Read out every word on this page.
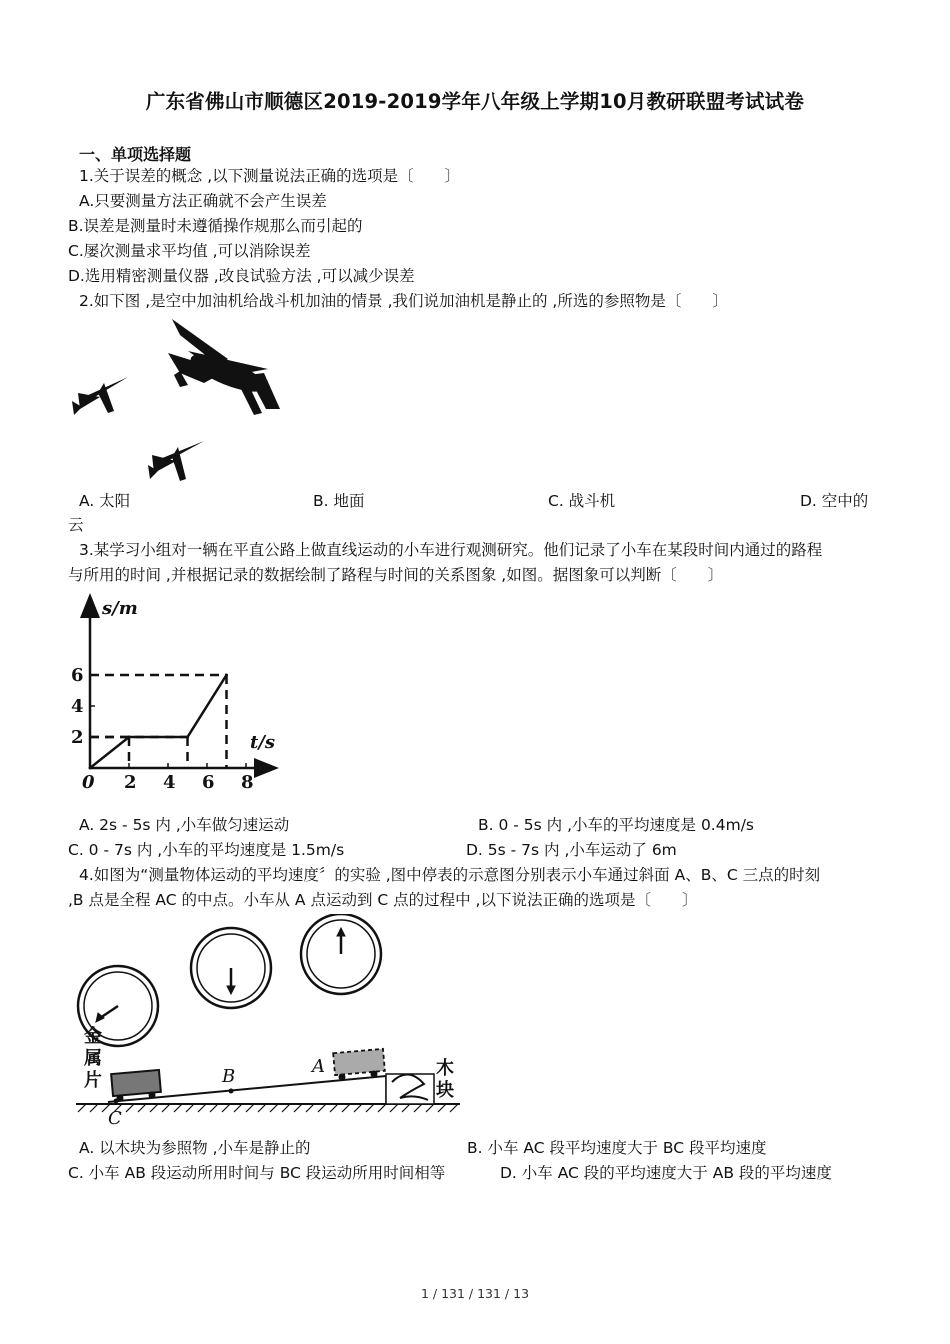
广东省佛山市顺德区2019-2019学年八年级上学期10月教研联盟考试试卷
一、单项选择题
1.关于误差的概念 ,以下测量说法正确的选项是〔　　〕
A.只要测量方法正确就不会产生误差
B.误差是测量时未遵循操作规那么而引起的
C.屡次测量求平均值 ,可以消除误差
D.选用精密测量仪器 ,改良试验方法 ,可以减少误差
2.如下图 ,是空中加油机给战斗机加油的情景 ,我们说加油机是静止的 ,所选的参照物是〔　　〕
A. 太阳	B. 地面	C. 战斗机	D. 空中的
云
3.某学习小组对一辆在平直公路上做直线运动的小车进行观测研究。他们记录了小车在某段时间内通过的路程
与所用的时间 ,并根据记录的数据绘制了路程与时间的关系图象 ,如图。据图象可以判断〔　　〕
s/m
t/s
0 2 4 6 8
2
4
6
A. 2s - 5s 内 ,小车做匀速运动	B. 0 - 5s 内 ,小车的平均速度是 0.4m/s
C. 0 - 7s 内 ,小车的平均速度是 1.5m/s	D. 5s - 7s 内 ,小车运动了 6m
4.如图为“测量物体运动的平均速度〞的实验 ,图中停表的示意图分别表示小车通过斜面 A、B、C 三点的时刻
,B 点是全程 AC 的中点。小车从 A 点运动到 C 点的过程中 ,以下说法正确的选项是〔　　〕
金
属
片
木
块
A
B
C
A. 以木块为参照物 ,小车是静止的	B. 小车 AC 段平均速度大于 BC 段平均速度
C. 小车 AB 段运动所用时间与 BC 段运动所用时间相等	D. 小车 AC 段的平均速度大于 AB 段的平均速度
1 / 131 / 131 / 13
